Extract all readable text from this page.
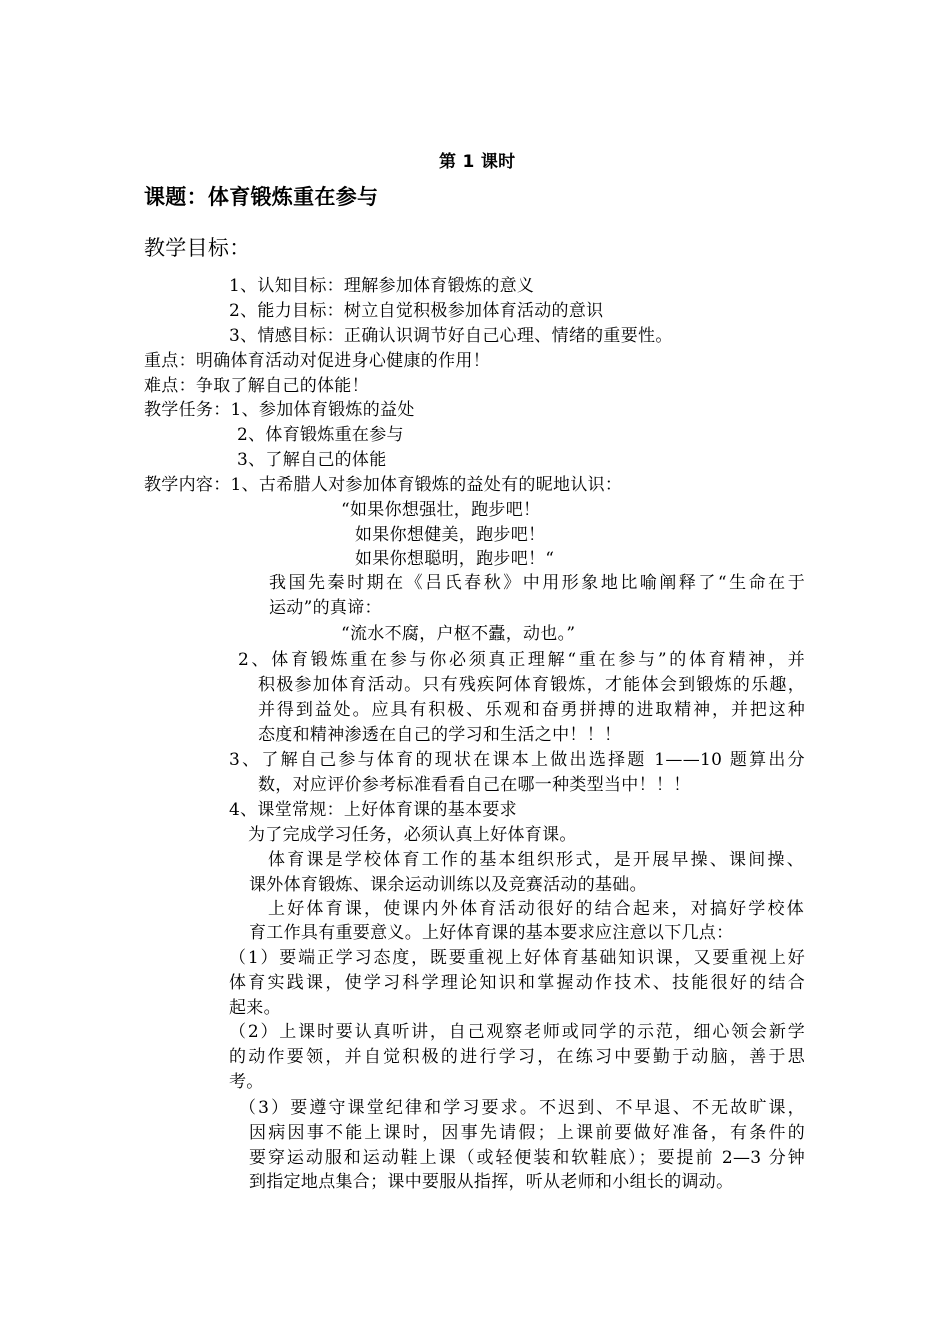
第 1 课时
课题：体育锻炼重在参与
教学目标：
1、认知目标：理解参加体育锻炼的意义
2、能力目标：树立自觉积极参加体育活动的意识
3、情感目标：正确认识调节好自己心理、情绪的重要性。
重点：明确体育活动对促进身心健康的作用！
难点：争取了解自己的体能！
教学任务：1、参加体育锻炼的益处
2、体育锻炼重在参与
3、了解自己的体能
教学内容：1、古希腊人对参加体育锻炼的益处有的昵地认识：
“如果你想强壮，跑步吧！
如果你想健美，跑步吧！
如果你想聪明，跑步吧！“
我国先秦时期在《吕氏春秋》中用形象地比喻阐释了“生命在于
运动”的真谛：
“流水不腐，户枢不蠹，动也。”
2、体育锻炼重在参与你必须真正理解“重在参与”的体育精神，并
积极参加体育活动。只有残疾阿体育锻炼，才能体会到锻炼的乐趣，
并得到益处。应具有积极、乐观和奋勇拼搏的进取精神，并把这种
态度和精神渗透在自己的学习和生活之中！！！
3、了解自己参与体育的现状在课本上做出选择题 1——10 题算出分
数，对应评价参考标准看看自己在哪一种类型当中！！！
4、课堂常规：上好体育课的基本要求
为了完成学习任务，必须认真上好体育课。
体育课是学校体育工作的基本组织形式，是开展早操、课间操、
课外体育锻炼、课余运动训练以及竞赛活动的基础。
上好体育课，使课内外体育活动很好的结合起来，对搞好学校体
育工作具有重要意义。上好体育课的基本要求应注意以下几点：
（1）要端正学习态度，既要重视上好体育基础知识课，又要重视上好
体育实践课，使学习科学理论知识和掌握动作技术、技能很好的结合
起来。
（2）上课时要认真听讲，自己观察老师或同学的示范，细心领会新学
的动作要领，并自觉积极的进行学习，在练习中要勤于动脑，善于思
考。
（3）要遵守课堂纪律和学习要求。不迟到、不早退、不无故旷课，
因病因事不能上课时，因事先请假；上课前要做好准备，有条件的
要穿运动服和运动鞋上课（或轻便装和软鞋底）；要提前 2—3 分钟
到指定地点集合；课中要服从指挥，听从老师和小组长的调动。
